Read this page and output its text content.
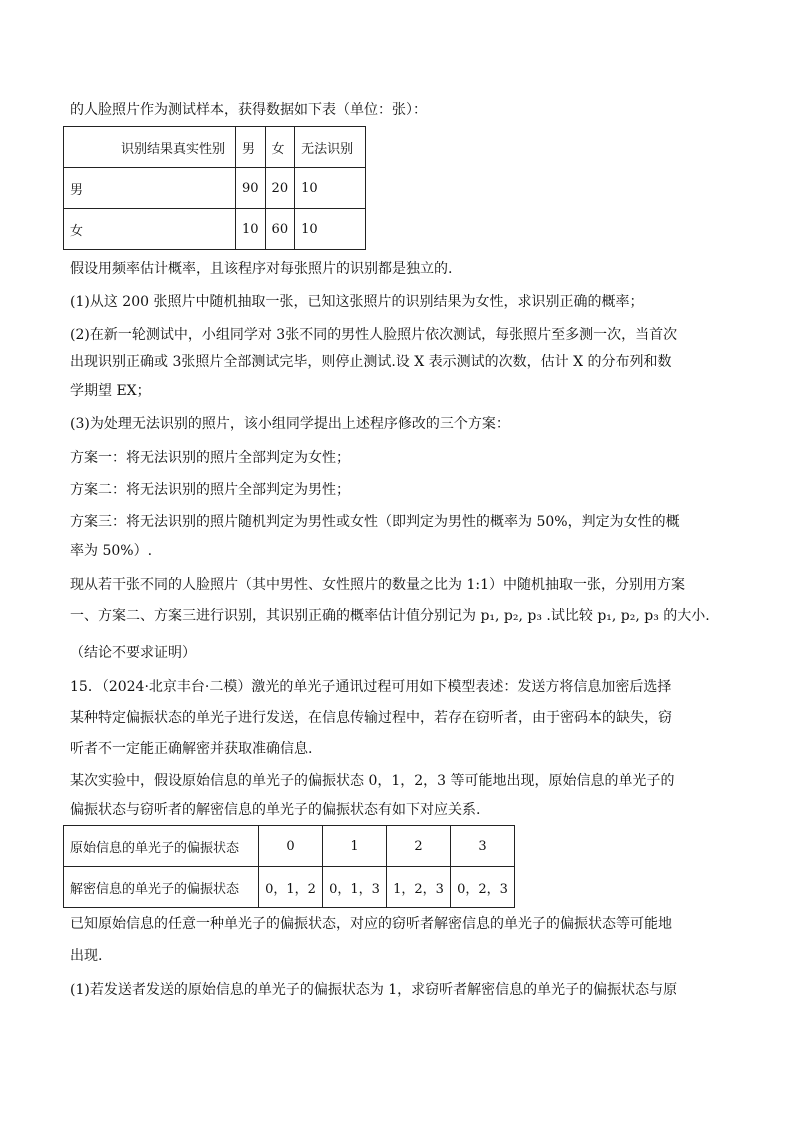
的人脸照片作为测试样本，获得数据如下表（单位：张）：
识别结果真实性别	男	女	无法识别
男	90	20	10
女	10	60	10
假设用频率估计概率，且该程序对每张照片的识别都是独立的.
(1)从这 200 张照片中随机抽取一张，已知这张照片的识别结果为女性，求识别正确的概率；
(2)在新一轮测试中，小组同学对 3张不同的男性人脸照片依次测试，每张照片至多测一次，当首次
出现识别正确或 3张照片全部测试完毕，则停止测试.设 X 表示测试的次数，估计 X 的分布列和数
学期望 EX；
(3)为处理无法识别的照片，该小组同学提出上述程序修改的三个方案：
方案一：将无法识别的照片全部判定为女性；
方案二：将无法识别的照片全部判定为男性；
方案三：将无法识别的照片随机判定为男性或女性（即判定为男性的概率为 50%，判定为女性的概
率为 50%）.
现从若干张不同的人脸照片（其中男性、女性照片的数量之比为 1:1）中随机抽取一张，分别用方案
一、方案二、方案三进行识别，其识别正确的概率估计值分别记为 p₁, p₂, p₃ .试比较 p₁, p₂, p₃ 的大小.
（结论不要求证明）
15．（2024·北京丰台·二模）激光的单光子通讯过程可用如下模型表述：发送方将信息加密后选择
某种特定偏振状态的单光子进行发送，在信息传输过程中，若存在窃听者，由于密码本的缺失，窃
听者不一定能正确解密并获取准确信息.
某次实验中，假设原始信息的单光子的偏振状态 0，1，2，3 等可能地出现，原始信息的单光子的
偏振状态与窃听者的解密信息的单光子的偏振状态有如下对应关系.
原始信息的单光子的偏振状态	0	1	2	3
解密信息的单光子的偏振状态	0，1，2	0，1，3	1，2，3	0，2，3
已知原始信息的任意一种单光子的偏振状态，对应的窃听者解密信息的单光子的偏振状态等可能地
出现.
(1)若发送者发送的原始信息的单光子的偏振状态为 1，求窃听者解密信息的单光子的偏振状态与原
